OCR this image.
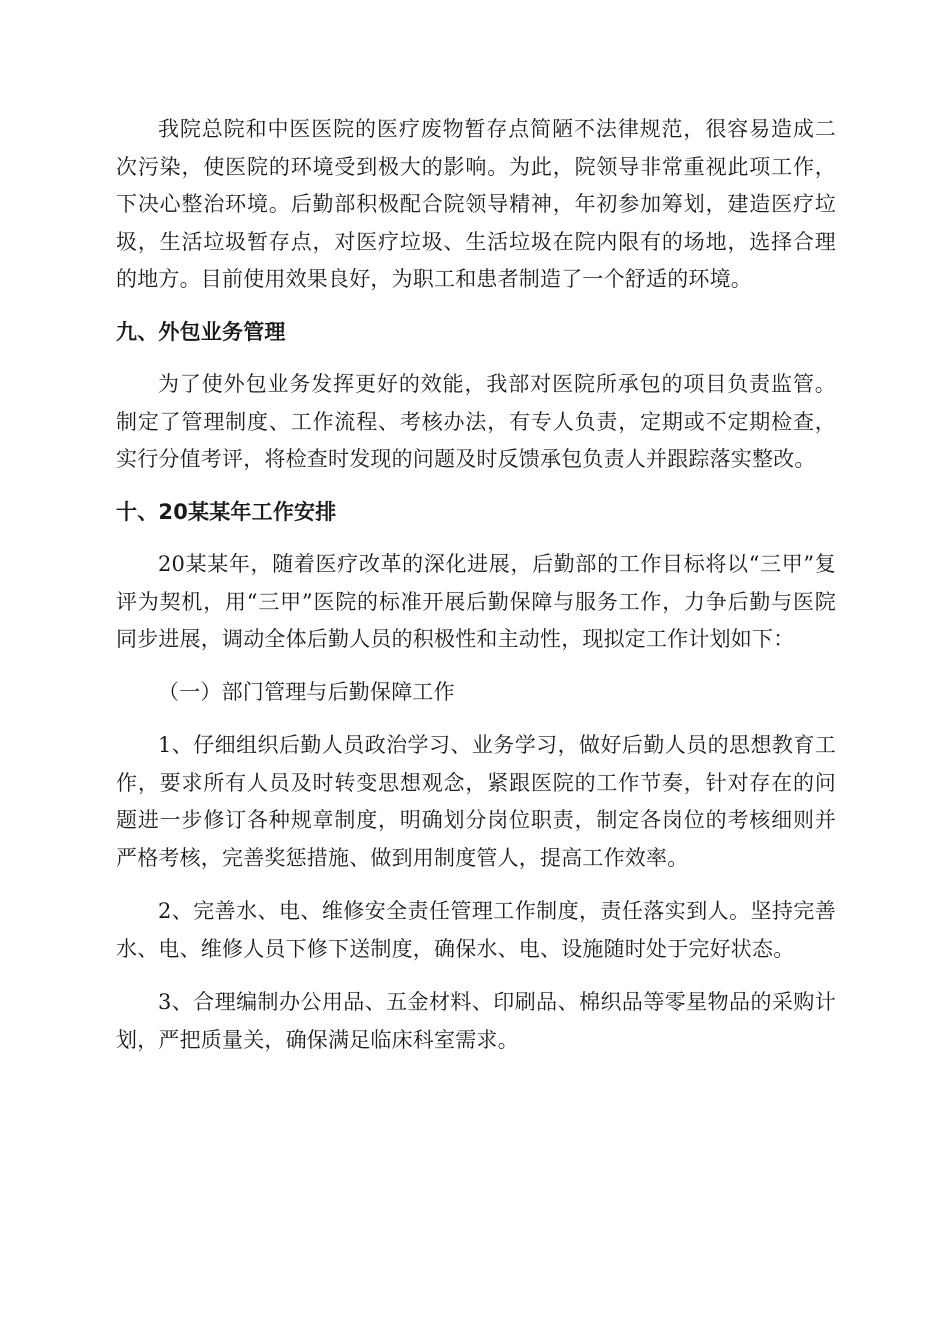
我院总院和中医医院的医疗废物暂存点简陋不法律规范，很容易造成二次污染，使医院的环境受到极大的影响。为此，院领导非常重视此项工作，下决心整治环境。后勤部积极配合院领导精神，年初参加筹划，建造医疗垃圾，生活垃圾暂存点，对医疗垃圾、生活垃圾在院内限有的场地，选择合理的地方。目前使用效果良好，为职工和患者制造了一个舒适的环境。

九、外包业务管理

为了使外包业务发挥更好的效能，我部对医院所承包的项目负责监管。制定了管理制度、工作流程、考核办法，有专人负责，定期或不定期检查，实行分值考评，将检查时发现的问题及时反馈承包负责人并跟踪落实整改。

十、20某某年工作安排

20某某年，随着医疗改革的深化进展，后勤部的工作目标将以“三甲”复评为契机，用“三甲”医院的标准开展后勤保障与服务工作，力争后勤与医院同步进展，调动全体后勤人员的积极性和主动性，现拟定工作计划如下：

（一）部门管理与后勤保障工作

1、仔细组织后勤人员政治学习、业务学习，做好后勤人员的思想教育工作，要求所有人员及时转变思想观念，紧跟医院的工作节奏，针对存在的问题进一步修订各种规章制度，明确划分岗位职责，制定各岗位的考核细则并严格考核，完善奖惩措施、做到用制度管人，提高工作效率。

2、完善水、电、维修安全责任管理工作制度，责任落实到人。坚持完善水、电、维修人员下修下送制度，确保水、电、设施随时处于完好状态。

3、合理编制办公用品、五金材料、印刷品、棉织品等零星物品的采购计划，严把质量关，确保满足临床科室需求。
